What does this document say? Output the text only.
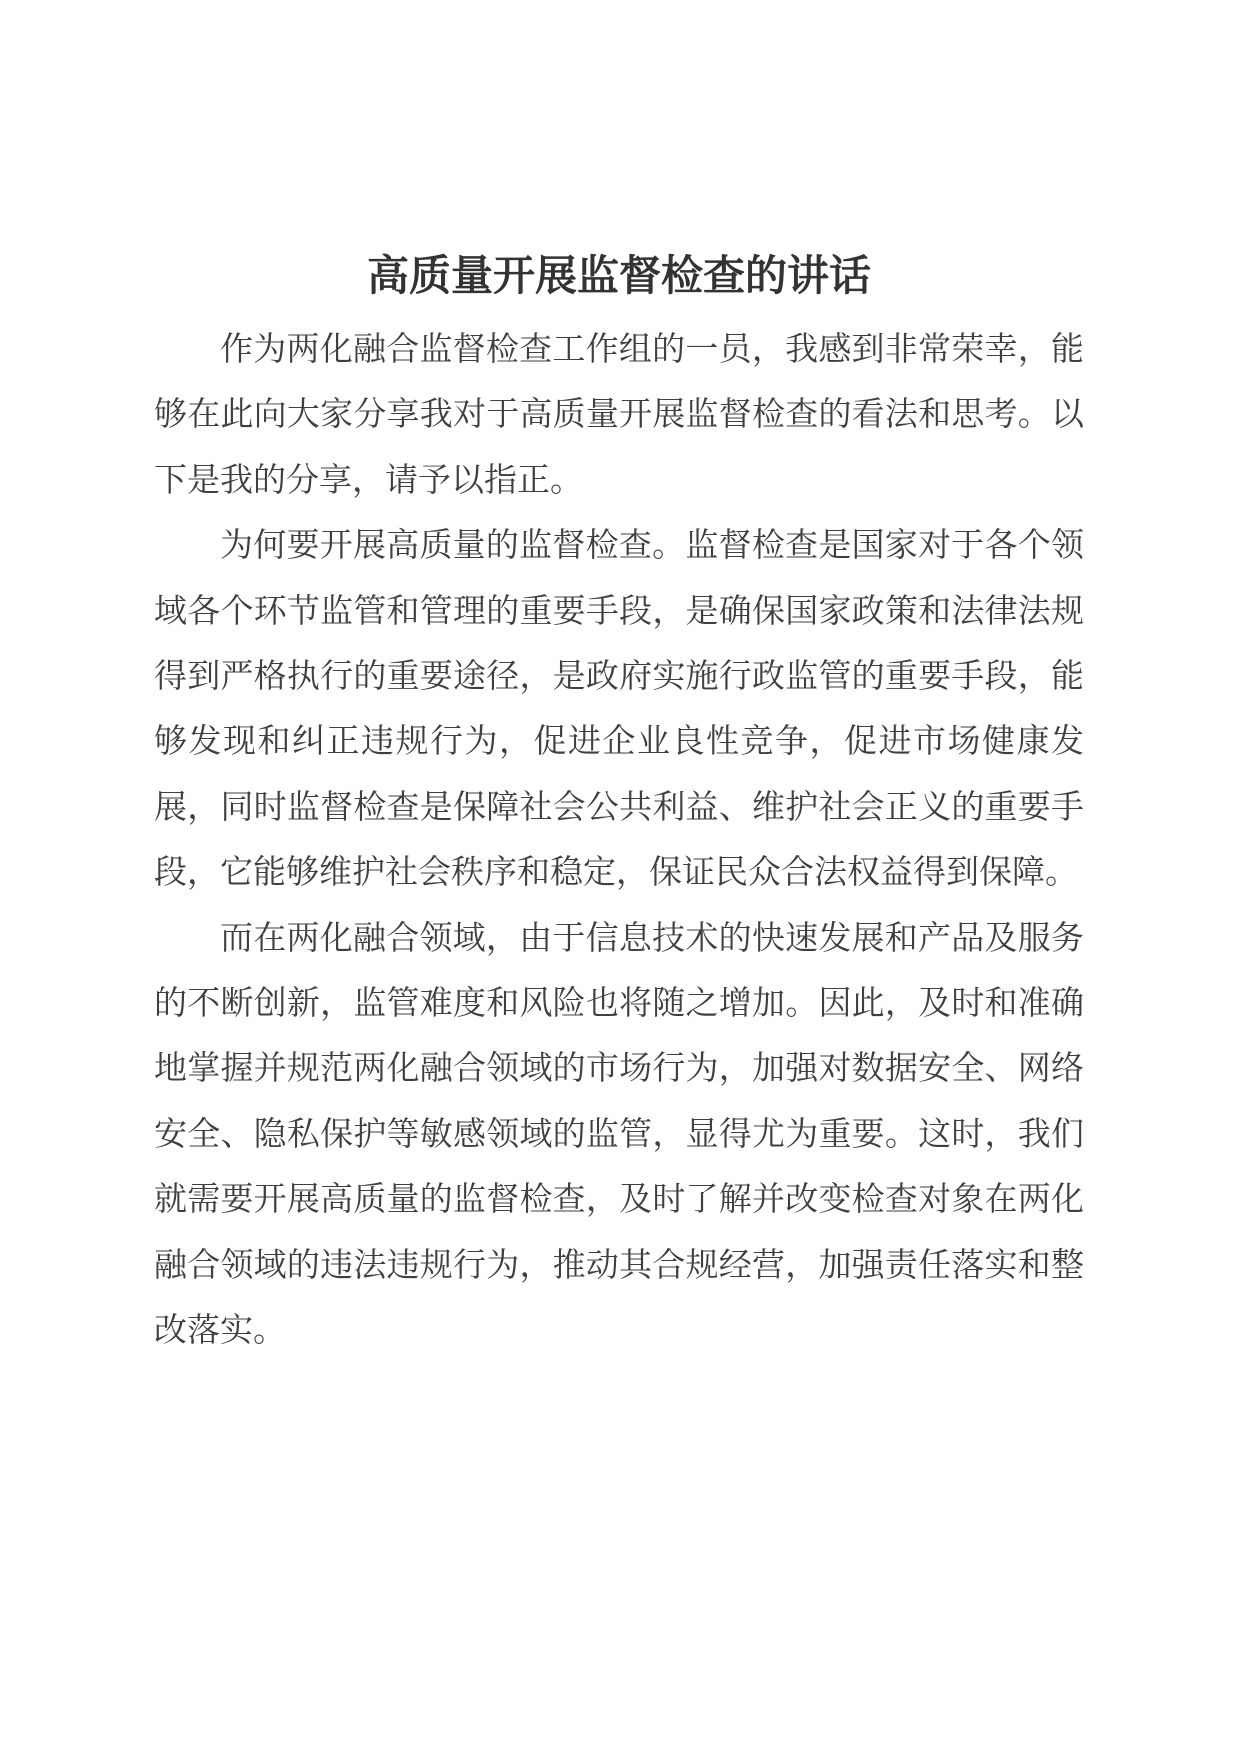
高质量开展监督检查的讲话

作为两化融合监督检查工作组的一员，我感到非常荣幸，能够在此向大家分享我对于高质量开展监督检查的看法和思考。以下是我的分享，请予以指正。

为何要开展高质量的监督检查。监督检查是国家对于各个领域各个环节监管和管理的重要手段，是确保国家政策和法律法规得到严格执行的重要途径，是政府实施行政监管的重要手段，能够发现和纠正违规行为，促进企业良性竞争，促进市场健康发展，同时监督检查是保障社会公共利益、维护社会正义的重要手段，它能够维护社会秩序和稳定，保证民众合法权益得到保障。

而在两化融合领域，由于信息技术的快速发展和产品及服务的不断创新，监管难度和风险也将随之增加。因此，及时和准确地掌握并规范两化融合领域的市场行为，加强对数据安全、网络安全、隐私保护等敏感领域的监管，显得尤为重要。这时，我们就需要开展高质量的监督检查，及时了解并改变检查对象在两化融合领域的违法违规行为，推动其合规经营，加强责任落实和整改落实。
